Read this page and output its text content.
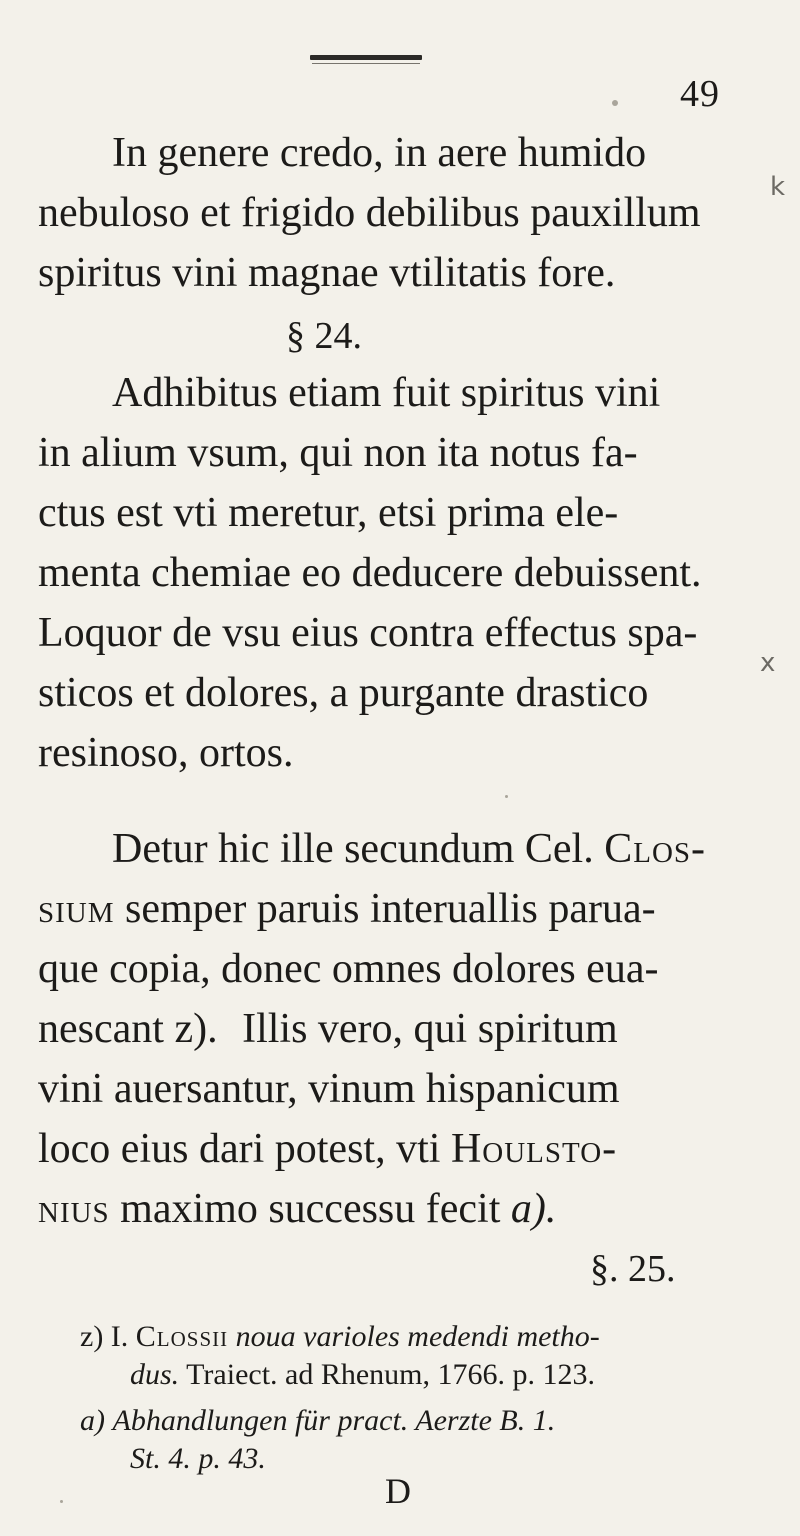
49
In genere credo, in aere humido
nebuloso et frigido debilibus pauxillum
spiritus vini magnae vtilitatis fore.
§ 24.
Adhibitus etiam fuit spiritus vini
in alium vsum, qui non ita notus fa-
ctus est vti meretur, etsi prima ele-
menta chemiae eo deducere debuissent.
Loquor de vsu eius contra effectus spa-
sticos et dolores, a purgante drastico
resinoso, ortos.
Detur hic ille secundum Cel. Clos-
sium semper paruis interuallis parua-
que copia, donec omnes dolores eua-
nescant z). Illis vero, qui spiritum
vini auersantur, vinum hispanicum
loco eius dari potest, vti Houlsto-
nius maximo successu fecit a).
§. 25.
z) I. Clossii noua varioles medendi metho-
dus. Traiect. ad Rhenum, 1766. p. 123.
a) Abhandlungen für pract. Aerzte B. 1.
St. 4. p. 43.
D
k
x
